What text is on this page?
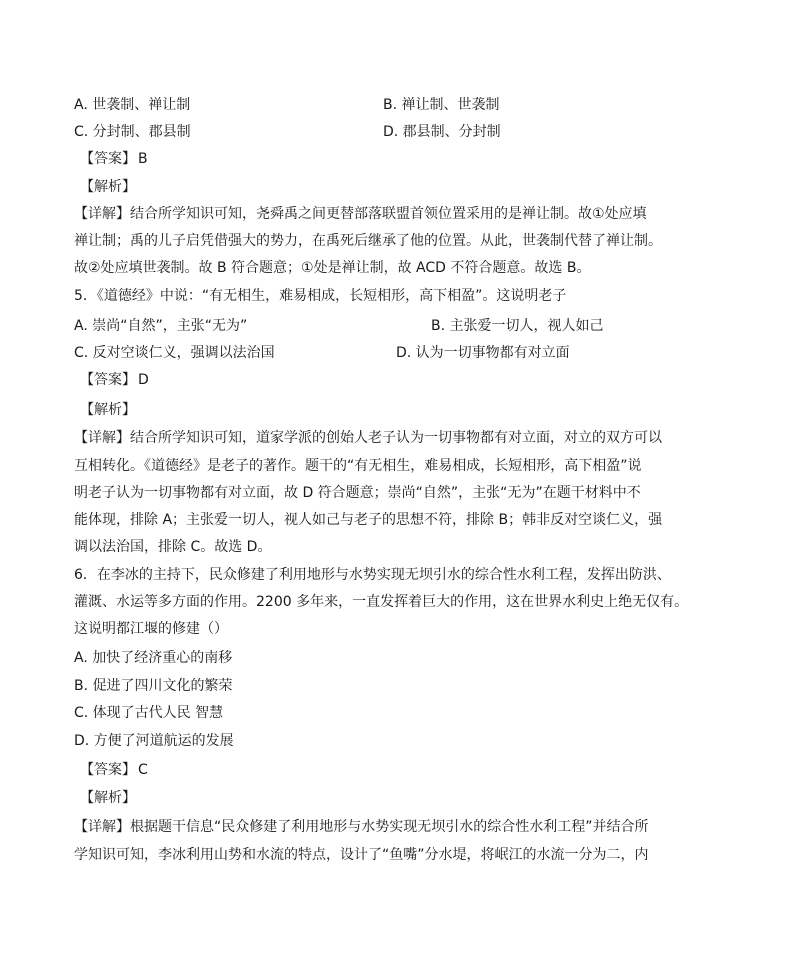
A. 世袭制、禅让制	B. 禅让制、世袭制
C. 分封制、郡县制	D. 郡县制、分封制
【答案】 B
【解析】
【详解】结合所学知识可知，尧舜禹之间更替部落联盟首领位置采用的是禅让制。故①处应填
禅让制；禹的儿子启凭借强大的势力，在禹死后继承了他的位置。从此，世袭制代替了禅让制。
故②处应填世袭制。故 B 符合题意；①处是禅让制，故 ACD 不符合题意。故选 B。
5．《道德经》中说：“有无相生，难易相成，长短相形，高下相盈”。这说明老子
A. 崇尚“自然”，主张“无为”	B. 主张爱一切人，视人如己
C. 反对空谈仁义，强调以法治国	D. 认为一切事物都有对立面
【答案】 D
【解析】
【详解】结合所学知识可知，道家学派的创始人老子认为一切事物都有对立面，对立的双方可以
互相转化。《道德经》是老子的著作。题干的“有无相生，难易相成，长短相形，高下相盈”说
明老子认为一切事物都有对立面，故 D 符合题意；崇尚“自然”，主张“无为”在题干材料中不
能体现，排除 A；主张爱一切人，视人如己与老子的思想不符，排除 B；韩非反对空谈仁义，强
调以法治国，排除 C。故选 D。
6．在李冰的主持下，民众修建了利用地形与水势实现无坝引水的综合性水利工程，发挥出防洪、
灌溉、水运等多方面的作用。2200 多年来，一直发挥着巨大的作用，这在世界水利史上绝无仅有。
这说明都江堰的修建（）
A. 加快了经济重心的南移
B. 促进了四川文化的繁荣
C. 体现了古代人民 智慧
D. 方便了河道航运的发展
【答案】 C
【解析】
【详解】根据题干信息“民众修建了利用地形与水势实现无坝引水的综合性水利工程”并结合所
学知识可知，李冰利用山势和水流的特点，设计了“鱼嘴”分水堤，将岷江的水流一分为二，内
